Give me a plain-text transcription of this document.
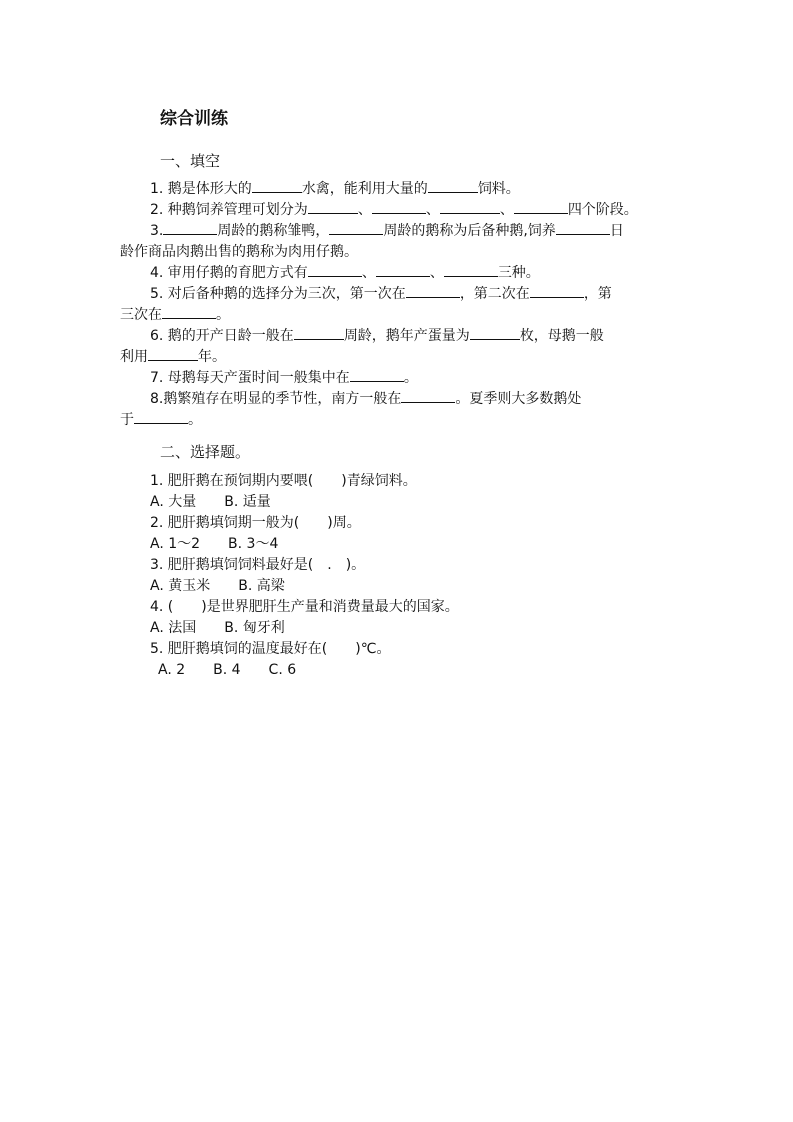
综合训练
一、填空
1. 鹅是体形大的	水禽，能利用大量的	饲料。
2. 种鹅饲养管理可划分为	、	、	、	四个阶段。
3.	周龄的鹅称雏鸭，	周龄的鹅称为后备种鹅,饲养	日
龄作商品肉鹅出售的鹅称为肉用仔鹅。
4. 审用仔鹅的育肥方式有	、	、	三种。
5. 对后备种鹅的选择分为三次，第一次在	，第二次在	，第
三次在	。
6. 鹅的开产日龄一般在	周龄，鹅年产蛋量为	枚，母鹅一般
利用	年。
7. 母鹅每天产蛋时间一般集中在	。
8.鹅繁殖存在明显的季节性，南方一般在	。夏季则大多数鹅处
于	。
二、选择题。
1. 肥肝鹅在预饲期内要喂(　　)青绿饲料。
A. 大量　　B. 适量
2. 肥肝鹅填饲期一般为(　　)周。
A. 1～2　　B. 3～4
3. 肥肝鹅填饲饲料最好是(　.　)。
A. 黄玉米　　B. 高梁
4. (　　)是世界肥肝生产量和消费量最大的国家。
A. 法国　　B. 匈牙利
5. 肥肝鹅填饲的温度最好在(　　)℃。
A. 2　　B. 4　　C. 6
